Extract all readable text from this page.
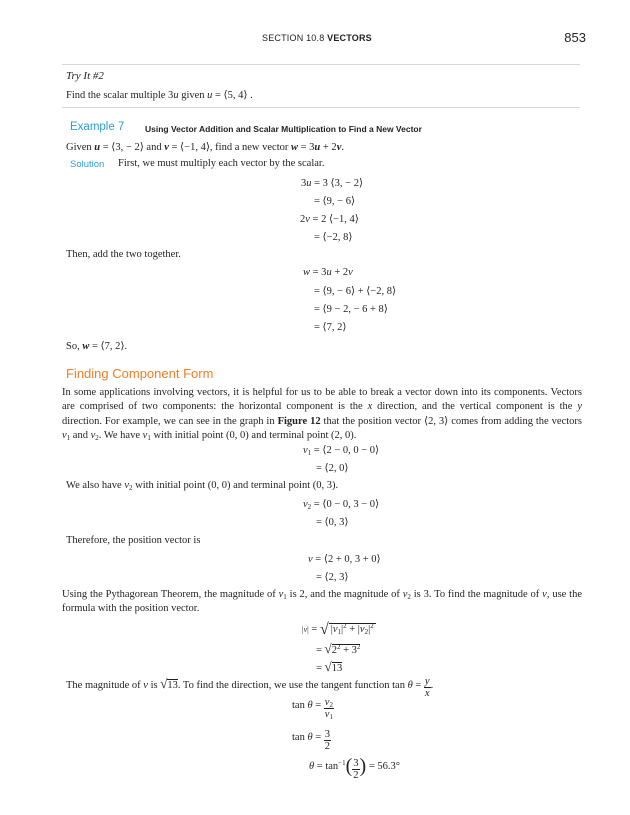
SECTION 10.8 VECTORS	853
Try It #2
Find the scalar multiple 3u given u = ⟨5, 4⟩ .
Example 7 Using Vector Addition and Scalar Multiplication to Find a New Vector
Given u = ⟨3, − 2⟩ and v = ⟨−1, 4⟩, find a new vector w = 3u + 2v.
Solution First, we must multiply each vector by the scalar.
3u = 3 ⟨3, − 2⟩
= ⟨9, − 6⟩
2v = 2 ⟨−1, 4⟩
= ⟨−2, 8⟩
Then, add the two together.
w = 3u + 2v
= ⟨9, − 6⟩ + ⟨−2, 8⟩
= ⟨9 − 2, − 6 + 8⟩
= ⟨7, 2⟩
So, w = ⟨7, 2⟩.
Finding Component Form
In some applications involving vectors, it is helpful for us to be able to break a vector down into its components. Vectors are comprised of two components: the horizontal component is the x direction, and the vertical component is the y direction. For example, we can see in the graph in Figure 12 that the position vector ⟨2, 3⟩ comes from adding the vectors $v_1$ and $v_2$. We have $v_1$ with initial point (0, 0) and terminal point (2, 0).
$v_1$ = ⟨2 − 0, 0 − 0⟩
= ⟨2, 0⟩
We also have $v_2$ with initial point (0, 0) and terminal point (0, 3).
$v_2$ = ⟨0 − 0, 3 − 0⟩
= ⟨0, 3⟩
Therefore, the position vector is
v = ⟨2 + 0, 3 + 0⟩
= ⟨2, 3⟩
Using the Pythagorean Theorem, the magnitude of $v_1$ is 2, and the magnitude of $v_2$ is 3. To find the magnitude of v, use the formula with the position vector.
|v| = √ $|v_1|^2 + |v_2|^2$
= $√2^2 + 3^2$
= √13
The magnitude of v is √13. To find the direction, we use the tangent function $\tan \theta = \frac{y}{x}$ .
$\tan \theta = \frac{v_2}{v_1}$
$\tan \theta = \frac{3}{2}$
$\theta = \tan^{-1}( \frac{3}{2}$ ) = 56.3°
